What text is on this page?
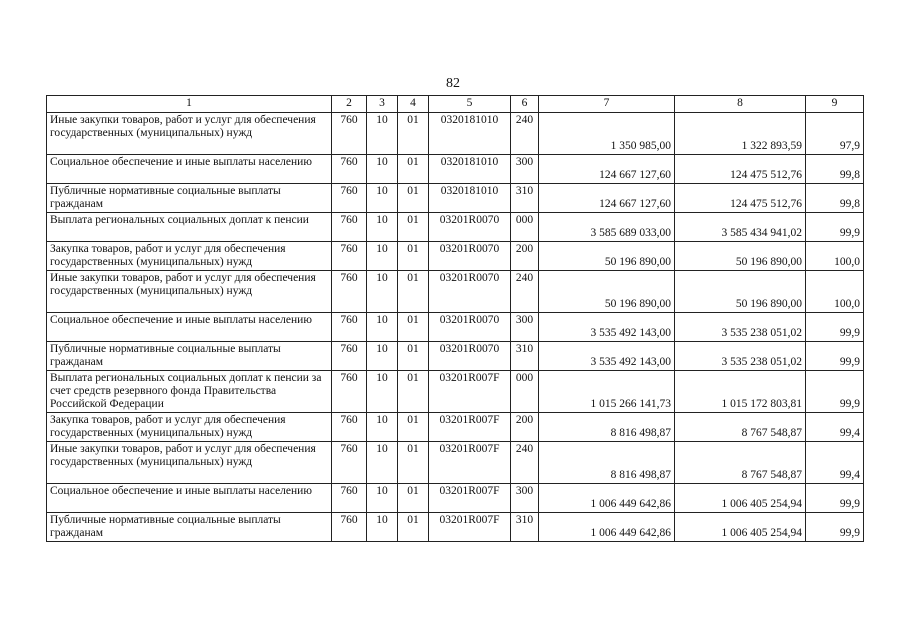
82
1	2	3	4	5	6	7	8	9
Иные закупки товаров, работ и услуг для обеспечения государственных (муниципальных) нужд	760	10	01	0320181010	240	1 350 985,00	1 322 893,59	97,9
Социальное обеспечение и иные выплаты населению	760	10	01	0320181010	300	124 667 127,60	124 475 512,76	99,8
Публичные нормативные социальные выплаты гражданам	760	10	01	0320181010	310	124 667 127,60	124 475 512,76	99,8
Выплата региональных социальных доплат к пенсии	760	10	01	03201R0070	000	3 585 689 033,00	3 585 434 941,02	99,9
Закупка товаров, работ и услуг для обеспечения государственных (муниципальных) нужд	760	10	01	03201R0070	200	50 196 890,00	50 196 890,00	100,0
Иные закупки товаров, работ и услуг для обеспечения государственных (муниципальных) нужд	760	10	01	03201R0070	240	50 196 890,00	50 196 890,00	100,0
Социальное обеспечение и иные выплаты населению	760	10	01	03201R0070	300	3 535 492 143,00	3 535 238 051,02	99,9
Публичные нормативные социальные выплаты гражданам	760	10	01	03201R0070	310	3 535 492 143,00	3 535 238 051,02	99,9
Выплата региональных социальных доплат к пенсии за счет средств резервного фонда Правительства Российской Федерации	760	10	01	03201R007F	000	1 015 266 141,73	1 015 172 803,81	99,9
Закупка товаров, работ и услуг для обеспечения государственных (муниципальных) нужд	760	10	01	03201R007F	200	8 816 498,87	8 767 548,87	99,4
Иные закупки товаров, работ и услуг для обеспечения государственных (муниципальных) нужд	760	10	01	03201R007F	240	8 816 498,87	8 767 548,87	99,4
Социальное обеспечение и иные выплаты населению	760	10	01	03201R007F	300	1 006 449 642,86	1 006 405 254,94	99,9
Публичные нормативные социальные выплаты гражданам	760	10	01	03201R007F	310	1 006 449 642,86	1 006 405 254,94	99,9
